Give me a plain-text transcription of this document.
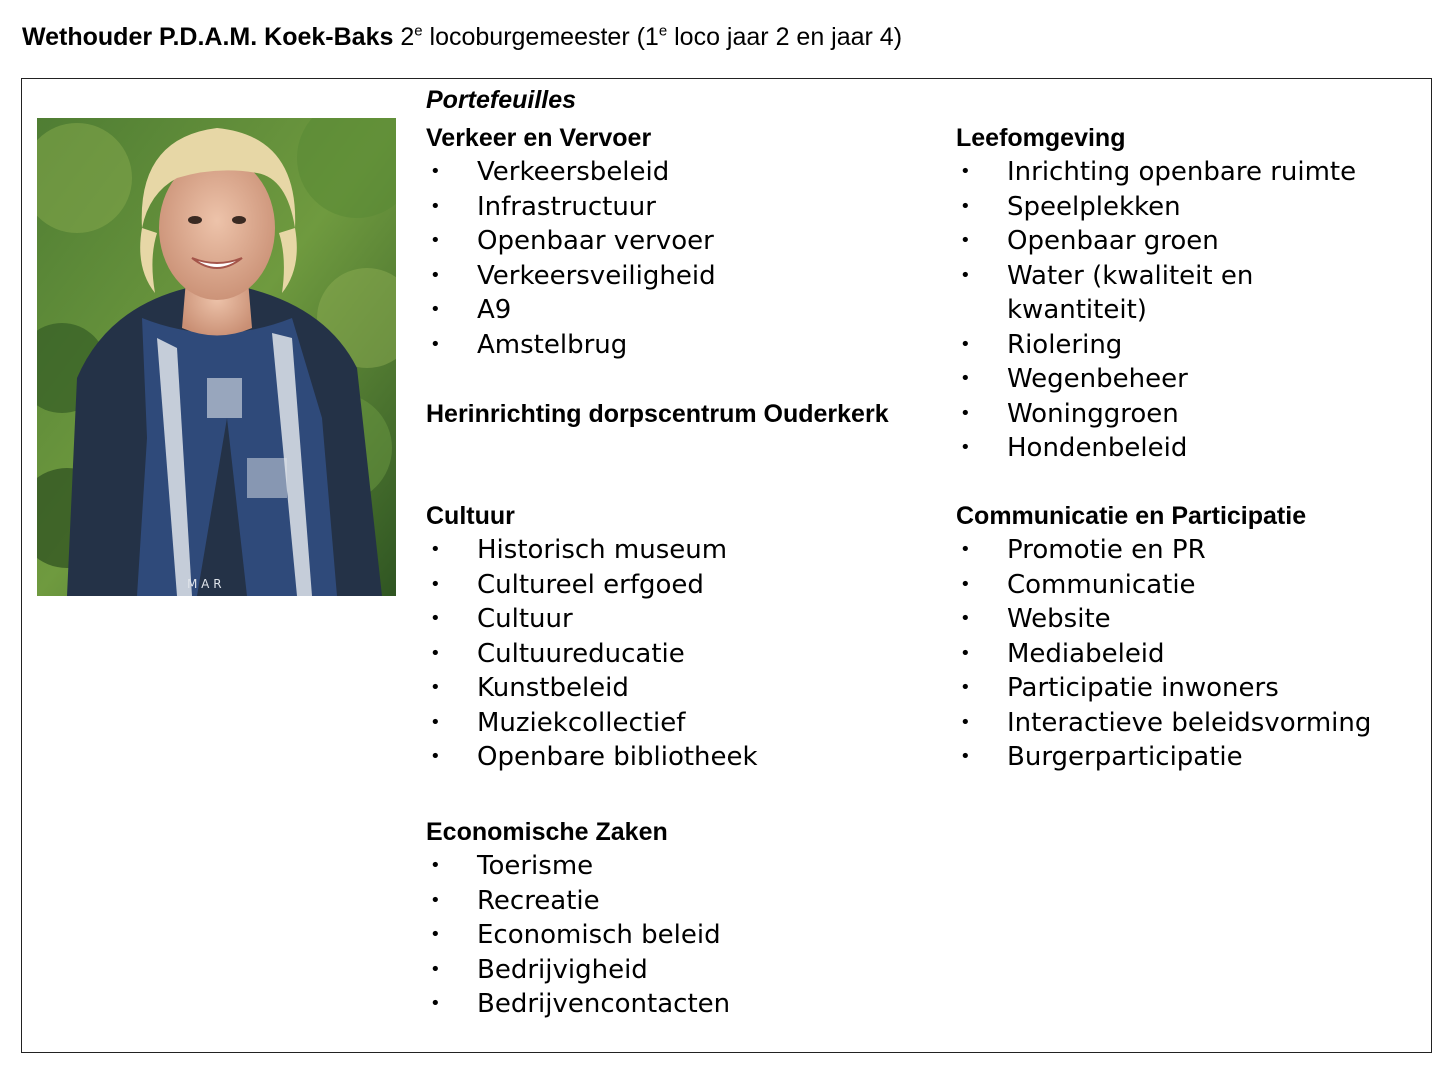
Wethouder P.D.A.M. Koek-Baks 2e locoburgemeester (1e loco jaar 2 en jaar 4)
M A R
Portefeuilles
Verkeer en Vervoer
• Verkeersbeleid
• Infrastructuur
• Openbaar vervoer
• Verkeersveiligheid
• A9
• Amstelbrug
Herinrichting dorpscentrum Ouderkerk
Cultuur
• Historisch museum
• Cultureel erfgoed
• Cultuur
• Cultuureducatie
• Kunstbeleid
• Muziekcollectief
• Openbare bibliotheek
Economische Zaken
• Toerisme
• Recreatie
• Economisch beleid
• Bedrijvigheid
• Bedrijvencontacten
Leefomgeving
• Inrichting openbare ruimte
• Speelplekken
• Openbaar groen
• Water (kwaliteit en kwantiteit)
• Riolering
• Wegenbeheer
• Woninggroen
• Hondenbeleid
Communicatie en Participatie
• Promotie en PR
• Communicatie
• Website
• Mediabeleid
• Participatie inwoners
• Interactieve beleidsvorming
• Burgerparticipatie
